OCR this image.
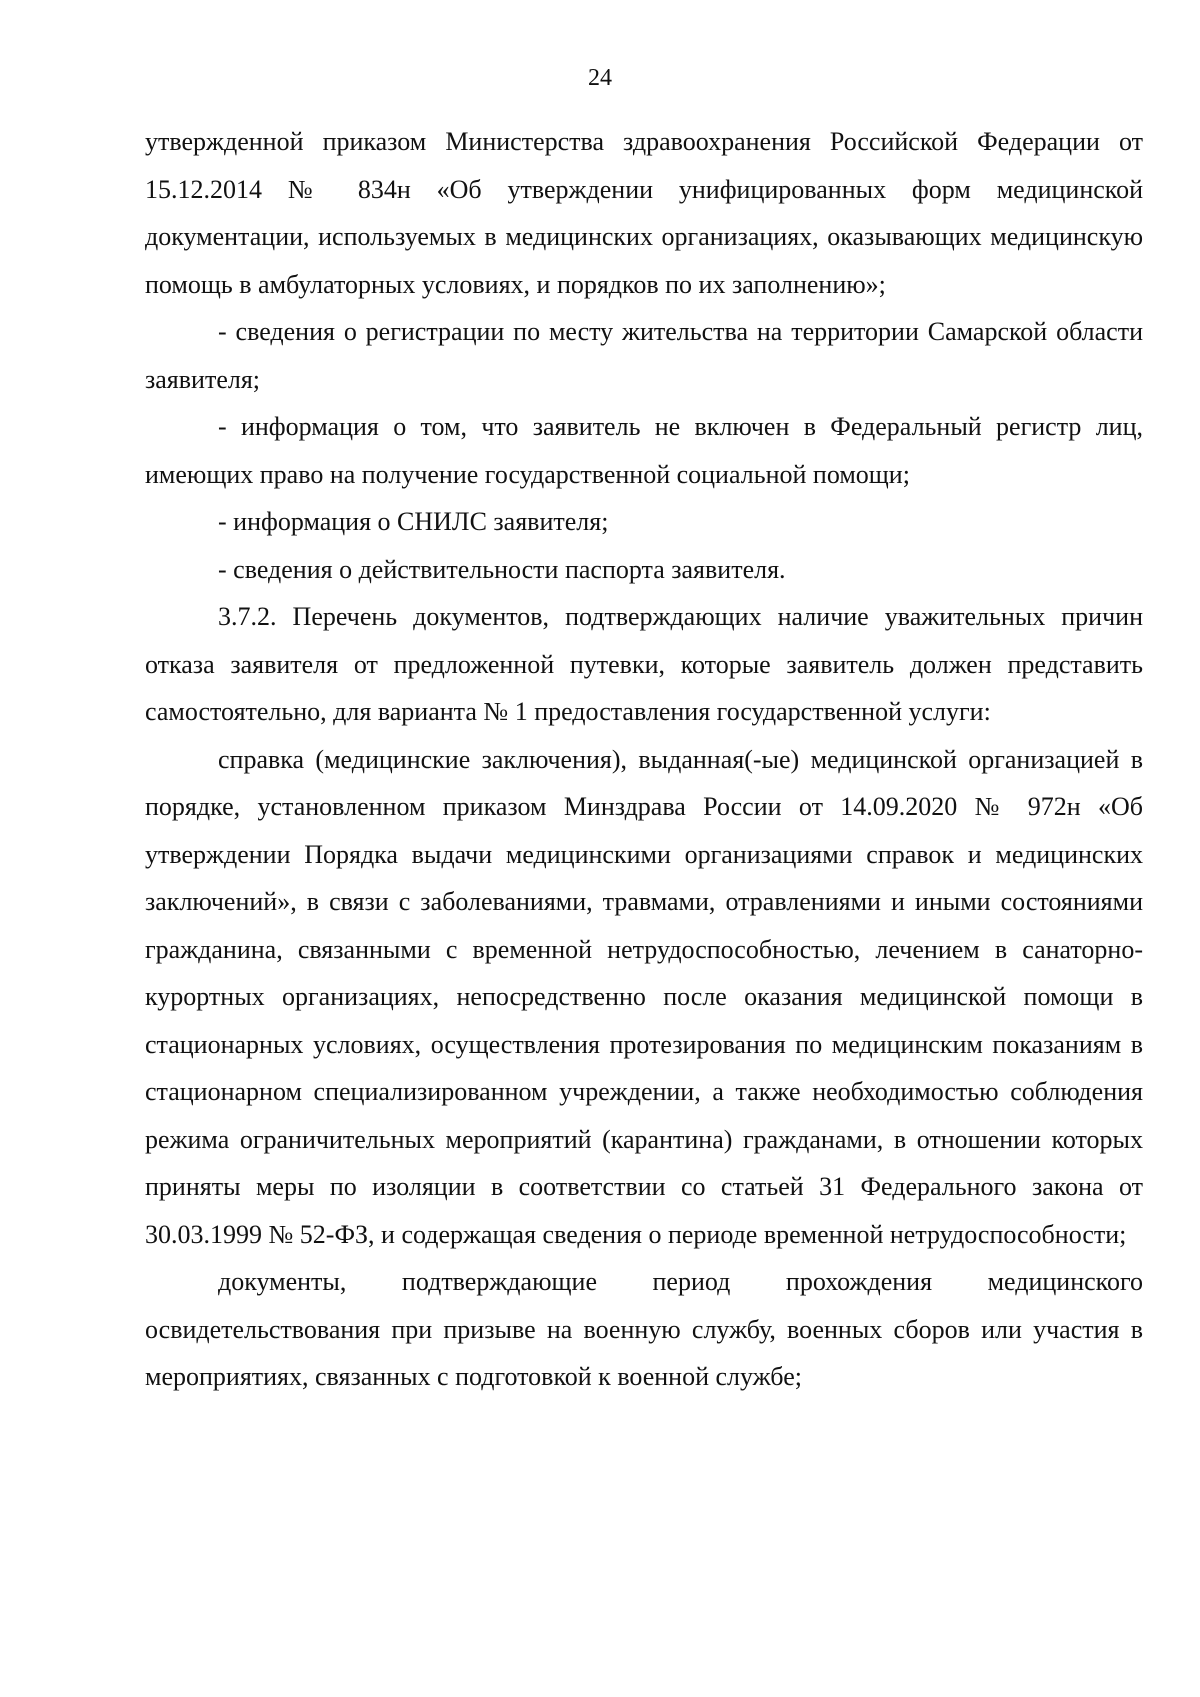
24

утвержденной приказом Министерства здравоохранения Российской Федерации от 15.12.2014 № 834н «Об утверждении унифицированных форм медицинской документации, используемых в медицинских организациях, оказывающих медицинскую помощь в амбулаторных условиях, и порядков по их заполнению»;

- сведения о регистрации по месту жительства на территории Самарской области заявителя;

- информация о том, что заявитель не включен в Федеральный регистр лиц, имеющих право на получение государственной социальной помощи;

- информация о СНИЛС заявителя;

- сведения о действительности паспорта заявителя.

3.7.2. Перечень документов, подтверждающих наличие уважительных причин отказа заявителя от предложенной путевки, которые заявитель должен представить самостоятельно, для варианта № 1 предоставления государственной услуги:

справка (медицинские заключения), выданная(-ые) медицинской организацией в порядке, установленном приказом Минздрава России от 14.09.2020 № 972н «Об утверждении Порядка выдачи медицинскими организациями справок и медицинских заключений», в связи с заболеваниями, травмами, отравлениями и иными состояниями гражданина, связанными с временной нетрудоспособностью, лечением в санаторно-курортных организациях, непосредственно после оказания медицинской помощи в стационарных условиях, осуществления протезирования по медицинским показаниям в стационарном специализированном учреждении, а также необходимостью соблюдения режима ограничительных мероприятий (карантина) гражданами, в отношении которых приняты меры по изоляции в соответствии со статьей 31 Федерального закона от 30.03.1999 № 52-ФЗ, и содержащая сведения о периоде временной нетрудоспособности;

документы, подтверждающие период прохождения медицинского освидетельствования при призыве на военную службу, военных сборов или участия в мероприятиях, связанных с подготовкой к военной службе;
